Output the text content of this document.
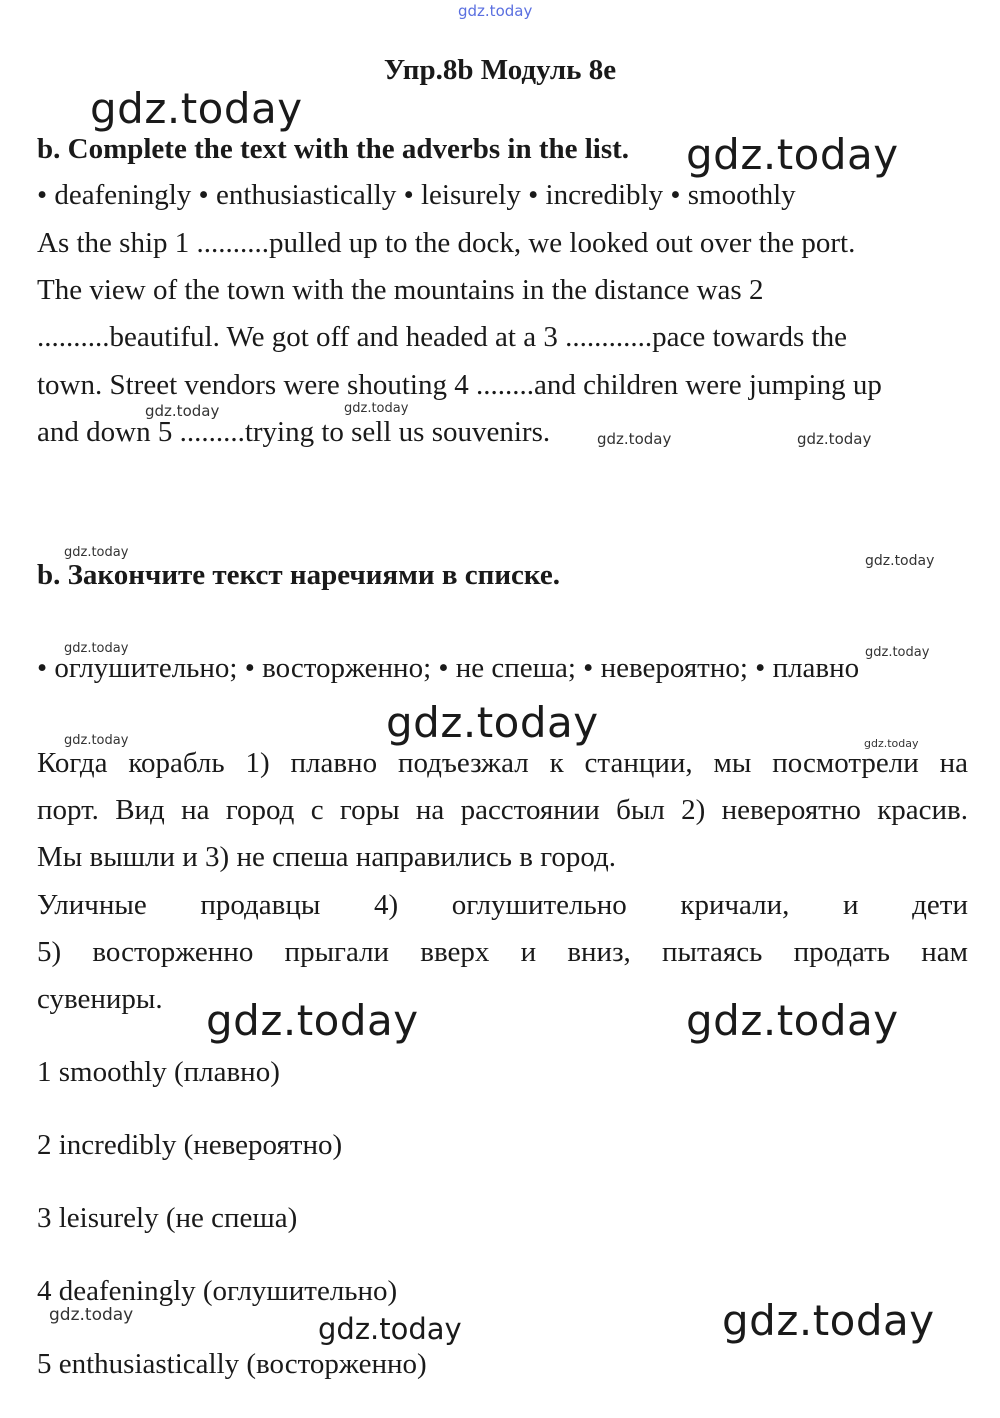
gdz.today
gdz.today
gdz.today
gdz.today	gdz.today
gdz.today	gdz.today
gdz.today
gdz.today
gdz.today	gdz.today
gdz.today
gdz.today	gdz.today
gdz.today	gdz.today
gdz.today	gdz.today	gdz.today
Упр.8b Модуль 8e
b. Complete the text with the adverbs in the list.
• deafeningly • enthusiastically • leisurely • incredibly • smoothly
As the ship 1 ..........pulled up to the dock, we looked out over the port.
The view of the town with the mountains in the distance was 2
..........beautiful. We got off and headed at a 3 ............pace towards the
town. Street vendors were shouting 4 ........and children were jumping up
and down 5 .........trying to sell us souvenirs.
b. Закончите текст наречиями в списке.
• оглушительно; • восторженно; • не спеша; • невероятно; • плавно
Когда корабль 1) плавно подъезжал к станции, мы посмотрели на
порт. Вид на город с горы на расстоянии был 2) невероятно красив.
Мы вышли и 3) не спеша направились в город.
Уличные продавцы 4) оглушительно кричали, и дети
5) восторженно прыгали вверх и вниз, пытаясь продать нам
сувениры.
1 smoothly (плавно)
2 incredibly (невероятно)
3 leisurely (не спеша)
4 deafeningly (оглушительно)
5 enthusiastically (восторженно)
